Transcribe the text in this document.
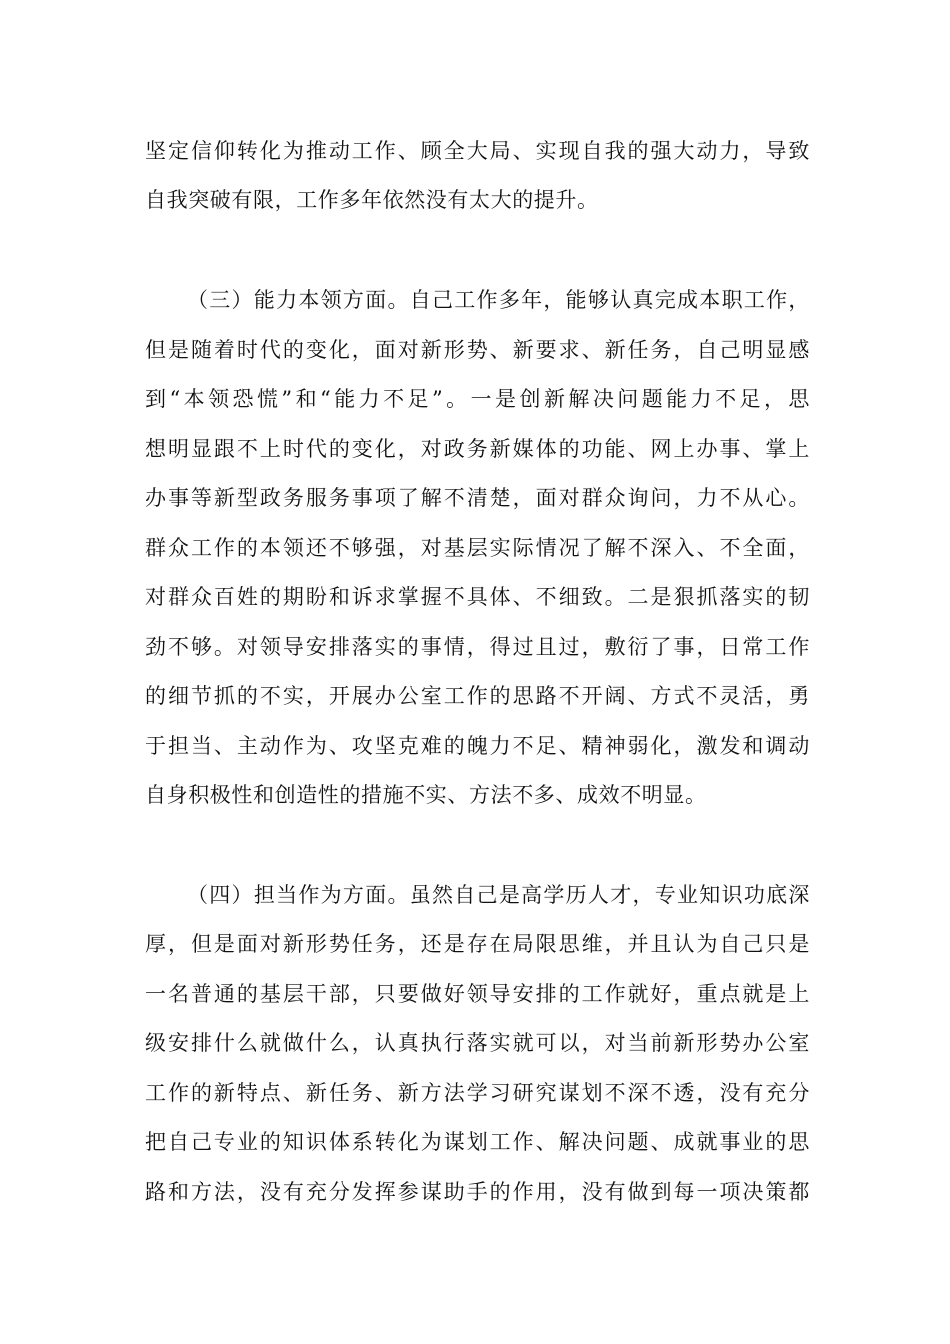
坚定信仰转化为推动工作、顾全大局、实现自我的强大动力，导致
自我突破有限，工作多年依然没有太大的提升。
（三）能力本领方面。自己工作多年，能够认真完成本职工作，
但是随着时代的变化，面对新形势、新要求、新任务，自己明显感
到“本领恐慌”和“能力不足”。一是创新解决问题能力不足，思
想明显跟不上时代的变化，对政务新媒体的功能、网上办事、掌上
办事等新型政务服务事项了解不清楚，面对群众询问，力不从心。
群众工作的本领还不够强，对基层实际情况了解不深入、不全面，
对群众百姓的期盼和诉求掌握不具体、不细致。二是狠抓落实的韧
劲不够。对领导安排落实的事情，得过且过，敷衍了事，日常工作
的细节抓的不实，开展办公室工作的思路不开阔、方式不灵活，勇
于担当、主动作为、攻坚克难的魄力不足、精神弱化，激发和调动
自身积极性和创造性的措施不实、方法不多、成效不明显。
（四）担当作为方面。虽然自己是高学历人才，专业知识功底深
厚，但是面对新形势任务，还是存在局限思维，并且认为自己只是
一名普通的基层干部，只要做好领导安排的工作就好，重点就是上
级安排什么就做什么，认真执行落实就可以，对当前新形势办公室
工作的新特点、新任务、新方法学习研究谋划不深不透，没有充分
把自己专业的知识体系转化为谋划工作、解决问题、成就事业的思
路和方法，没有充分发挥参谋助手的作用，没有做到每一项决策都
